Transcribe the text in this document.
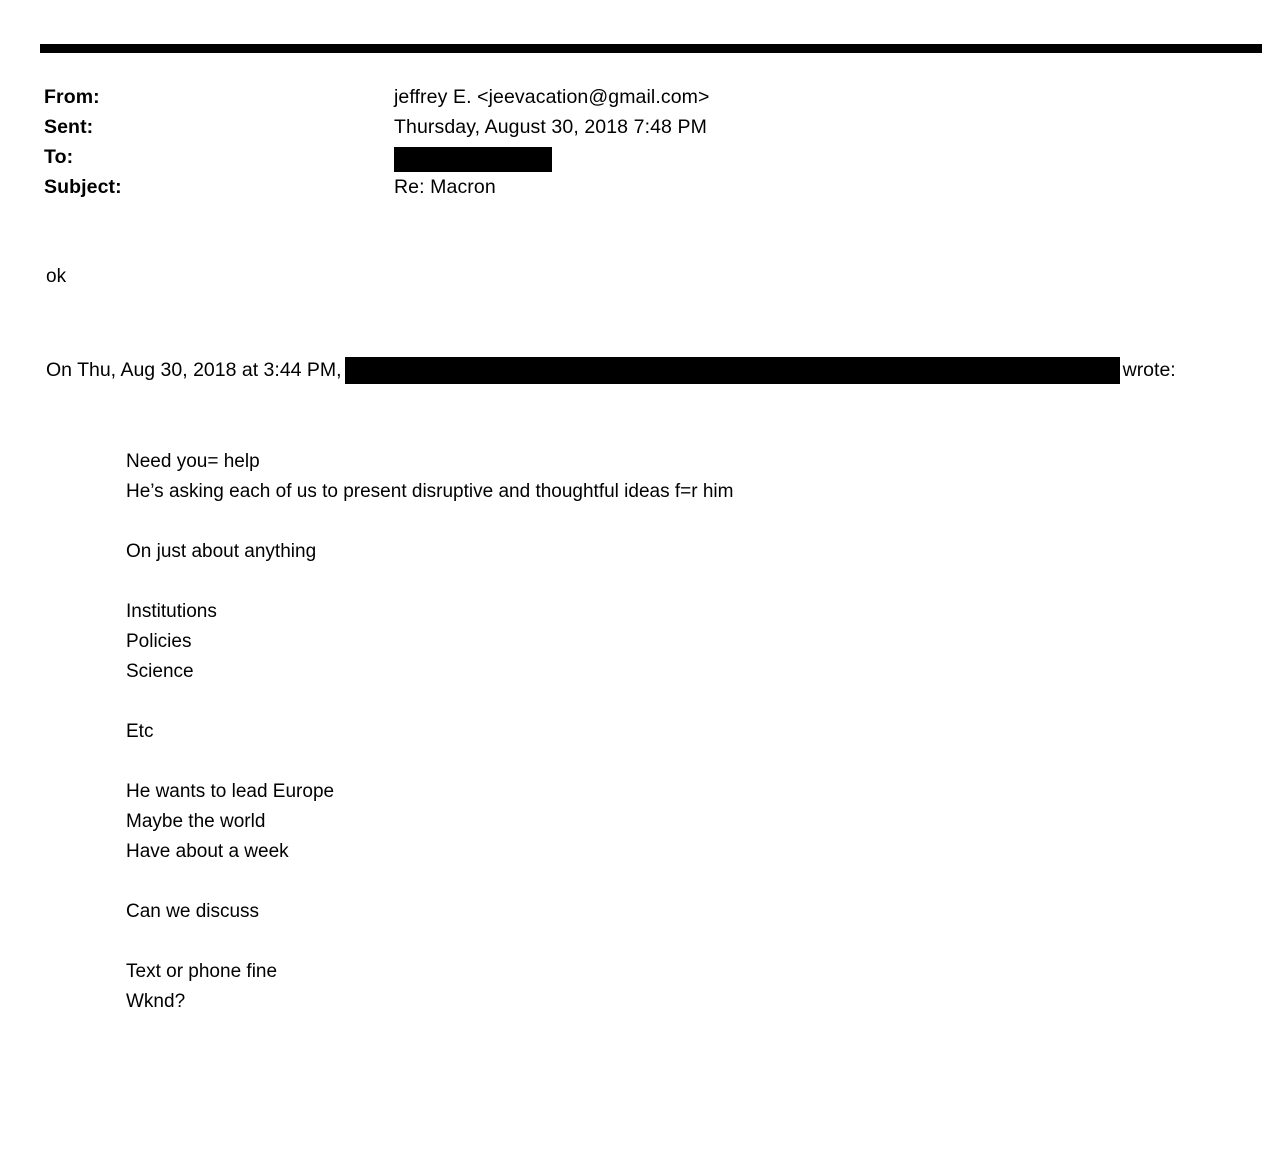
From:	jeffrey E. <jeevacation@gmail.com>
Sent:	Thursday, August 30, 2018 7:48 PM
To:
Subject:	Re: Macron
ok
On Thu, Aug 30, 2018 at 3:44 PM,	wrote:
Need you= help
He’s asking each of us to present disruptive and thoughtful ideas f=r him
On just about anything
Institutions
Policies
Science
Etc
He wants to lead Europe
Maybe the world
Have about a week
Can we discuss
Text or phone fine
Wknd?
